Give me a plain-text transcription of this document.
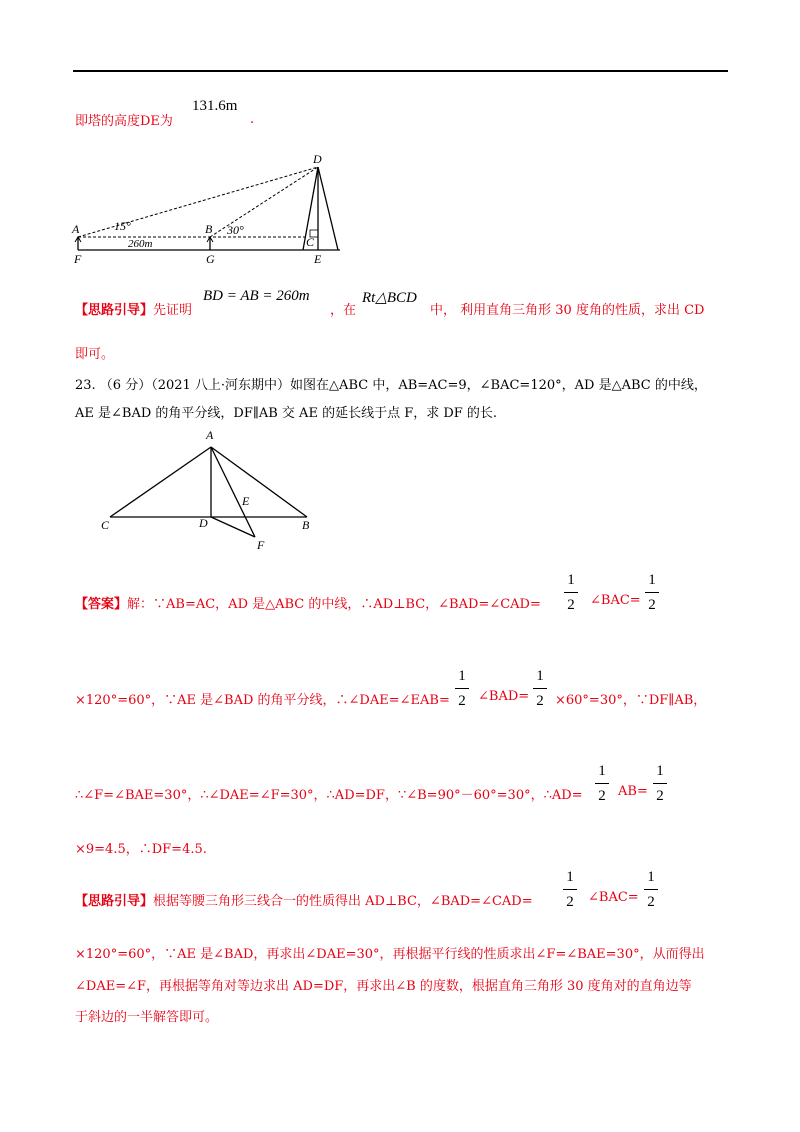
即塔的高度DE为
131.6m
.
D
A	B
C
F	G	E
15°	30°
260m
【思路引导】先证明
BD = AB = 260m
，在
Rt△BCD
中， 利用直角三角形 30 度角的性质，求出 CD
即可。
23. （6 分）（2021 八上·河东期中）如图在△ABC 中，AB=AC=9，∠BAC=120°，AD 是△ABC 的中线，
AE 是∠BAD 的角平分线，DF∥AB 交 AE 的延长线于点 F，求 DF 的长.
A
C	D
E
B
F
【答案】解：∵AB=AC，AD 是△ABC 的中线，∴AD⊥BC，∠BAD=∠CAD=
1
2 ∠BAC=
1
2
×120°=60°，∵AE 是∠BAD 的角平分线，∴∠DAE=∠EAB=
1
2 ∠BAD=
1
2 ×60°=30°，∵DF∥AB，
∴∠F=∠BAE=30°，∴∠DAE=∠F=30°，∴AD=DF，∵∠B=90°－60°=30°，∴AD=
1
2 AB=
1
2
×9=4.5，∴DF=4.5.
【思路引导】根据等腰三角形三线合一的性质得出 AD⊥BC，∠BAD=∠CAD=
1
2 ∠BAC=
1
2
×120°=60°，∵AE 是∠BAD，再求出∠DAE=30°，再根据平行线的性质求出∠F=∠BAE=30°，从而得出
∠DAE=∠F，再根据等角对等边求出 AD=DF，再求出∠B 的度数，根据直角三角形 30 度角对的直角边等
于斜边的一半解答即可。
